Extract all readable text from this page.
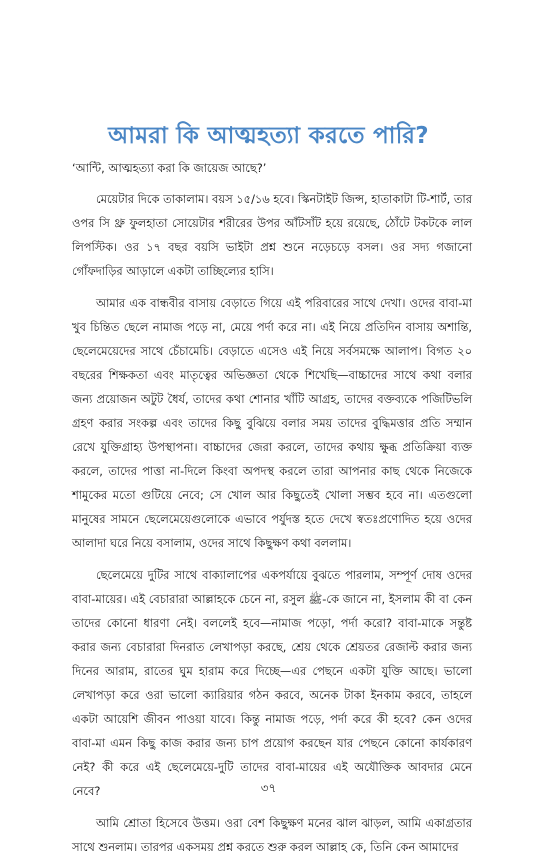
আমরা কি আত্মহত্যা করতে পারি?

‘আন্টি, আত্মহত্যা করা কি জায়েজ আছে?’

মেয়েটার দিকে তাকালাম। বয়স ১৫/১৬ হবে। স্কিনটাইট জিন্স, হাতাকাটা টি-শার্ট, তার ওপর সি থ্রু ফুলহাতা সোয়েটার শরীরের উপর আঁটসাঁট হয়ে রয়েছে, ঠোঁটে টকটকে লাল লিপস্টিক। ওর ১৭ বছর বয়সি ভাইটা প্রশ্ন শুনে নড়েচড়ে বসল। ওর সদ্য গজানো গোঁফদাড়ির আড়ালে একটা তাচ্ছিল্যের হাসি।

আমার এক বান্ধবীর বাসায় বেড়াতে গিয়ে এই পরিবারের সাথে দেখা। ওদের বাবা-মা খুব চিন্তিত ছেলে নামাজ পড়ে না, মেয়ে পর্দা করে না। এই নিয়ে প্রতিদিন বাসায় অশান্তি, ছেলেমেয়েদের সাথে চেঁচামেচি। বেড়াতে এসেও এই নিয়ে সর্বসমক্ষে আলাপ। বিগত ২০ বছরের শিক্ষকতা এবং মাতৃত্বের অভিজ্ঞতা থেকে শিখেছি—বাচ্চাদের সাথে কথা বলার জন্য প্রয়োজন অটুট ধৈর্য, তাদের কথা শোনার খাঁটি আগ্রহ, তাদের বক্তব্যকে পজিটিভলি গ্রহণ করার সংকল্প এবং তাদের কিছু বুঝিয়ে বলার সময় তাদের বুদ্ধিমত্তার প্রতি সম্মান রেখে যুক্তিগ্রাহ্য উপস্থাপনা। বাচ্চাদের জেরা করলে, তাদের কথায় ক্ষুব্ধ প্রতিক্রিয়া ব্যক্ত করলে, তাদের পাত্তা না-দিলে কিংবা অপদস্থ করলে তারা আপনার কাছ থেকে নিজেকে শামুকের মতো গুটিয়ে নেবে; সে খোল আর কিছুতেই খোলা সম্ভব হবে না। এতগুলো মানুষের সামনে ছেলেমেয়েগুলোকে এভাবে পর্যুদস্ত হতে দেখে স্বতঃপ্রণোদিত হয়ে ওদের আলাদা ঘরে নিয়ে বসালাম, ওদের সাথে কিছুক্ষণ কথা বললাম।

ছেলেমেয়ে দুটির সাথে বাক্যালাপের একপর্যায়ে বুঝতে পারলাম, সম্পূর্ণ দোষ ওদের বাবা-মায়ের। এই বেচারারা আল্লাহকে চেনে না, রসুল ﷺ-কে জানে না, ইসলাম কী বা কেন তাদের কোনো ধারণা নেই। বললেই হবে—নামাজ পড়ো, পর্দা করো? বাবা-মাকে সন্তুষ্ট করার জন্য বেচারারা দিনরাত লেখাপড়া করছে, শ্রেয় থেকে শ্রেয়তর রেজাল্ট করার জন্য দিনের আরাম, রাতের ঘুম হারাম করে দিচ্ছে—এর পেছনে একটা যুক্তি আছে। ভালো লেখাপড়া করে ওরা ভালো ক্যারিয়ার গঠন করবে, অনেক টাকা ইনকাম করবে, তাহলে একটা আয়েশি জীবন পাওয়া যাবে। কিন্তু নামাজ পড়ে, পর্দা করে কী হবে? কেন ওদের বাবা-মা এমন কিছু কাজ করার জন্য চাপ প্রয়োগ করছেন যার পেছনে কোনো কার্যকারণ নেই? কী করে এই ছেলেমেয়ে-দুটি তাদের বাবা-মায়ের এই অযৌক্তিক আবদার মেনে নেবে?

আমি শ্রোতা হিসেবে উত্তম। ওরা বেশ কিছুক্ষণ মনের ঝাল ঝাড়ল, আমি একাগ্রতার সাথে শুনলাম। তারপর একসময় প্রশ্ন করতে শুরু করল আল্লাহ কে, তিনি কেন আমাদের

৩৭
